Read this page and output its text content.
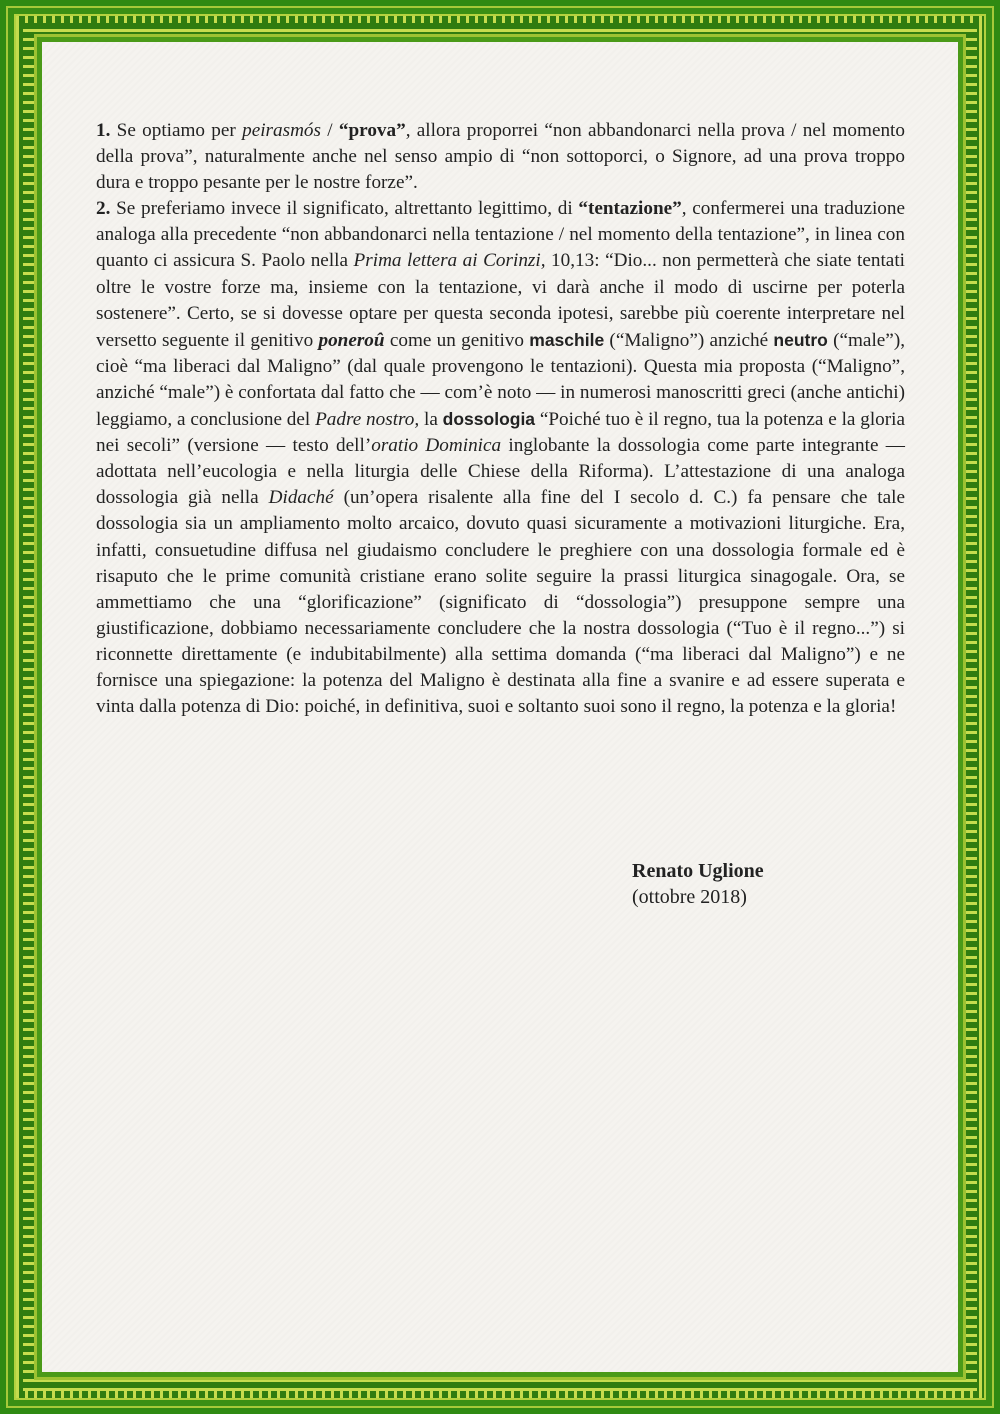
1. Se optiamo per peirasmós / “prova”, allora proporrei “non abbandonarci nella prova / nel momento della prova”, naturalmente anche nel senso ampio di “non sottoporci, o Signore, ad una prova troppo dura e troppo pesante per le nostre forze”.

2. Se preferiamo invece il significato, altrettanto legittimo, di “tentazione”, confermerei una traduzione analoga alla precedente “non abbandonarci nella tentazione / nel momento della tentazione”, in linea con quanto ci assicura S. Paolo nella Prima lettera ai Corinzi, 10,13: “Dio... non permetterà che siate tentati oltre le vostre forze ma, insieme con la tentazione, vi darà anche il modo di uscirne per poterla sostenere”. Certo, se si dovesse optare per questa seconda ipotesi, sarebbe più coerente interpretare nel versetto seguente il genitivo poneroû come un genitivo maschile (“Maligno”) anziché neutro (“male”), cioè “ma liberaci dal Maligno” (dal quale provengono le tentazioni). Questa mia proposta (“Maligno”, anziché “male”) è confortata dal fatto che — com’è noto — in numerosi manoscritti greci (anche antichi) leggiamo, a conclusione del Padre nostro, la dossologia “Poiché tuo è il regno, tua la potenza e la gloria nei secoli” (versione — testo dell’oratio Dominica inglobante la dossologia come parte integrante — adottata nell’eucologia e nella liturgia delle Chiese della Riforma). L’attestazione di una analoga dossologia già nella Didaché (un’opera risalente alla fine del I secolo d. C.) fa pensare che tale dossologia sia un ampliamento molto arcaico, dovuto quasi sicuramente a motivazioni liturgiche. Era, infatti, consuetudine diffusa nel giudaismo concludere le preghiere con una dossologia formale ed è risaputo che le prime comunità cristiane erano solite seguire la prassi liturgica sinagogale. Ora, se ammettiamo che una “glorificazione” (significato di “dossologia”) presuppone sempre una giustificazione, dobbiamo necessariamente concludere che la nostra dossologia (“Tuo è il regno...”) si riconnette direttamente (e indubitabilmente) alla settima domanda (“ma liberaci dal Maligno”) e ne fornisce una spiegazione: la potenza del Maligno è destinata alla fine a svanire e ad essere superata e vinta dalla potenza di Dio: poiché, in definitiva, suoi e soltanto suoi sono il regno, la potenza e la gloria!

Renato Uglione
(ottobre 2018)
